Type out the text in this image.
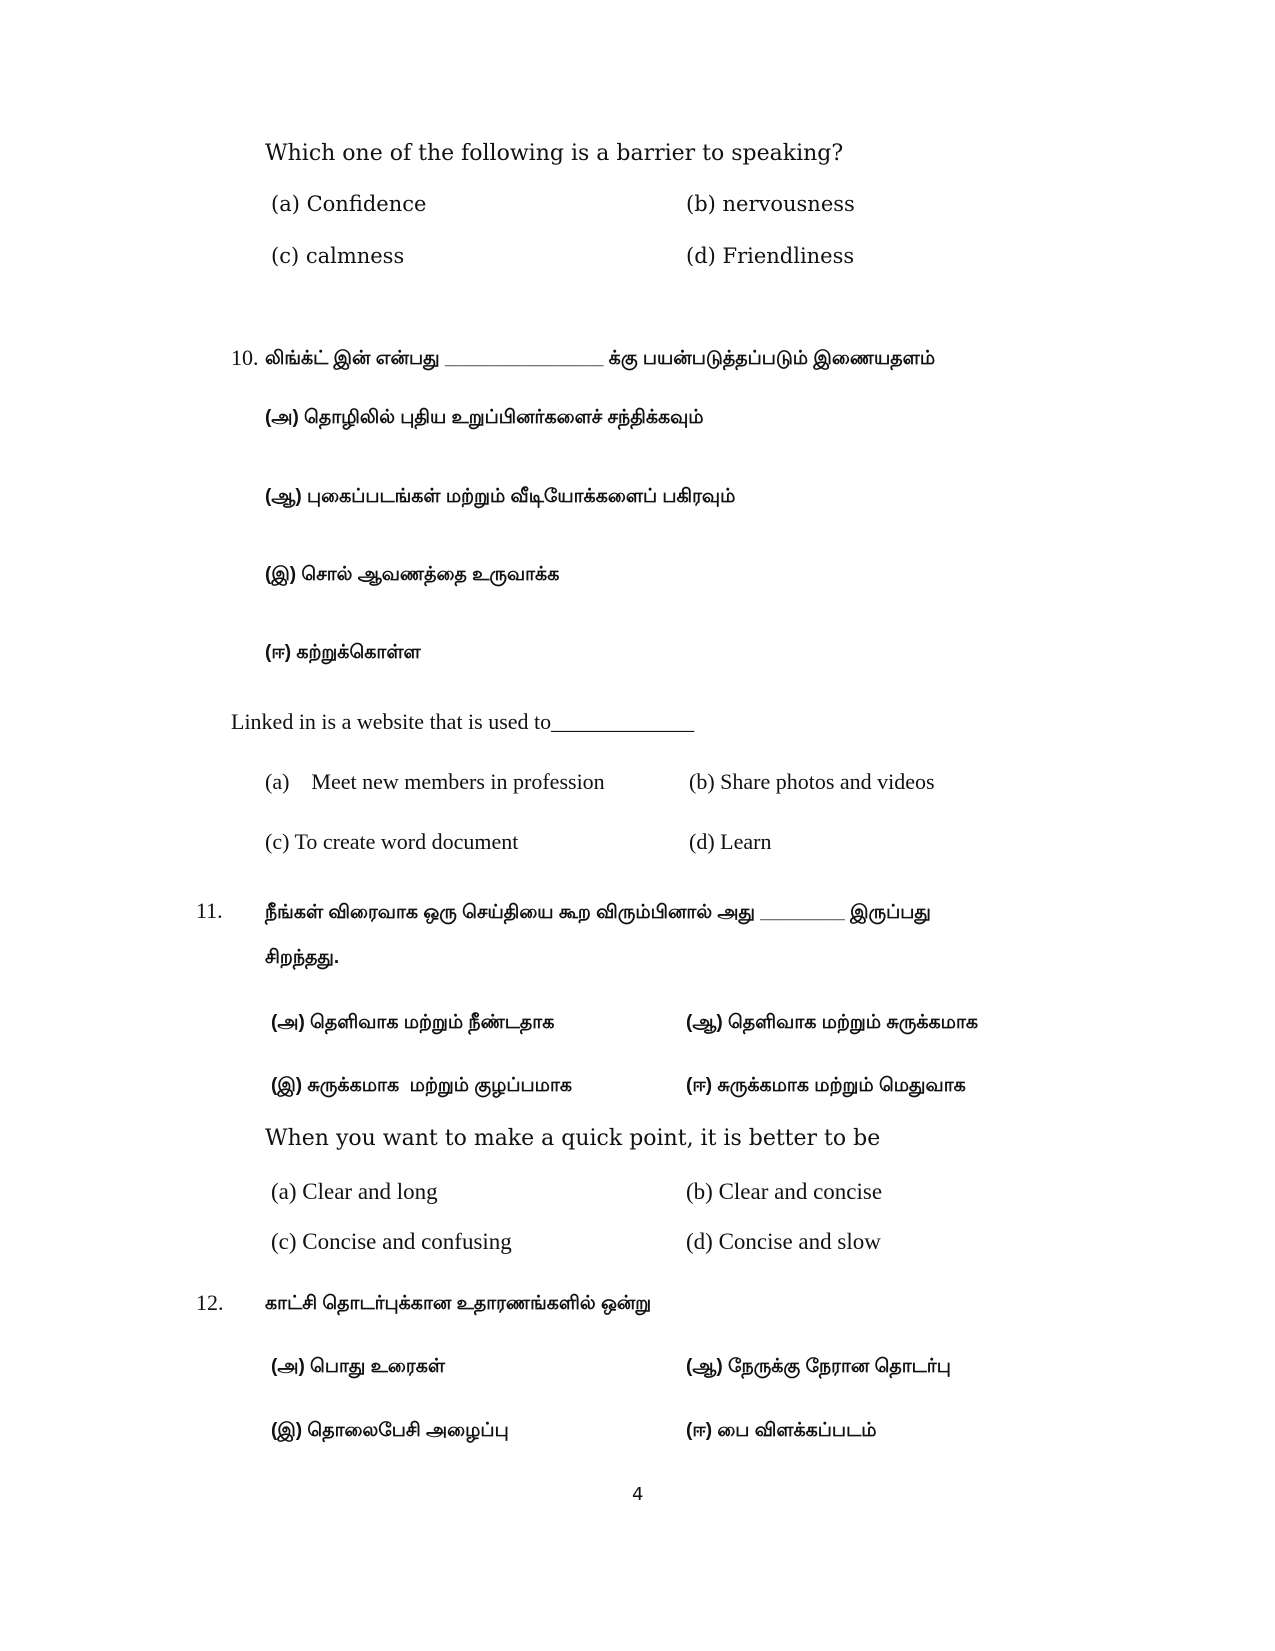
Which one of the following is a barrier to speaking?
(a) Confidence	(b) nervousness
(c) calmness	(d) Friendliness
10. லிங்க்ட் இன் என்பது _______________ க்கு பயன்படுத்தப்படும் இணையதளம்
(அ) தொழிலில் புதிய உறுப்பினர்களைச் சந்திக்கவும்
(ஆ) புகைப்படங்கள் மற்றும் வீடியோக்களைப் பகிரவும்
(இ) சொல் ஆவணத்தை உருவாக்க
(ஈ) கற்றுக்கொள்ள
Linked in is a website that is used to_____________
(a)    Meet new members in profession	(b) Share photos and videos
(c) To create word document	(d) Learn
11. நீங்கள் விரைவாக ஒரு செய்தியை கூற விரும்பினால் அது ________ இருப்பது
சிறந்தது.
(அ) தெளிவாக மற்றும் நீண்டதாக	(ஆ) தெளிவாக மற்றும் சுருக்கமாக
(இ) சுருக்கமாக  மற்றும் குழப்பமாக	(ஈ) சுருக்கமாக மற்றும் மெதுவாக
When you want to make a quick point, it is better to be
(a) Clear and long	(b) Clear and concise
(c) Concise and confusing	(d) Concise and slow
12. காட்சி தொடர்புக்கான உதாரணங்களில் ஒன்று
(அ) பொது உரைகள்	(ஆ) நேருக்கு நேரான தொடர்பு
(இ) தொலைபேசி அழைப்பு	(ஈ) பை விளக்கப்படம்
4
